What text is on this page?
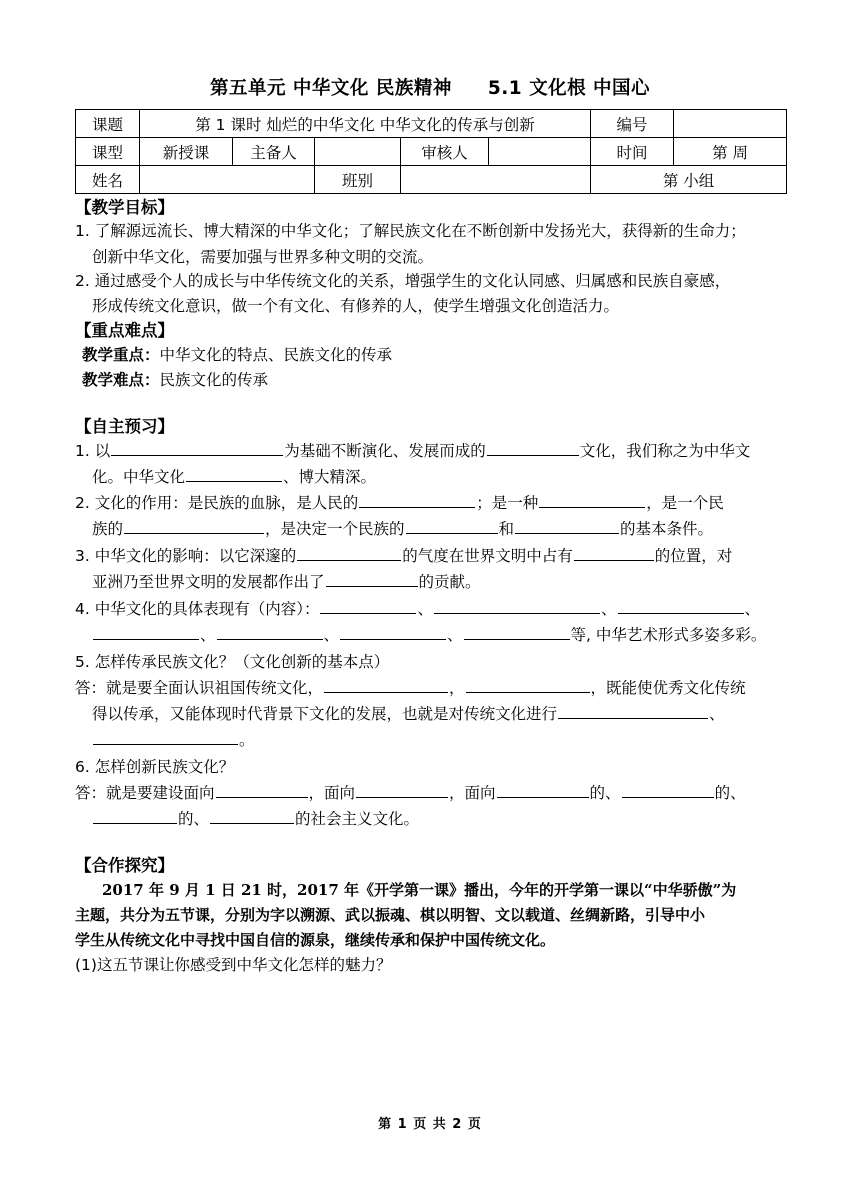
第五单元 中华文化 民族精神 5.1 文化根 中国心
课题	第 1 课时 灿烂的中华文化 中华文化的传承与创新					编号	
课型	新授课	主备人		审核人		时间	第 周
姓名			班别			第 小组	
【教学目标】
1. 了解源远流长、博大精深的中华文化；了解民族文化在不断创新中发扬光大，获得新的生命力；
创新中华文化，需要加强与世界多种文明的交流。
2. 通过感受个人的成长与中华传统文化的关系，增强学生的文化认同感、归属感和民族自豪感，
形成传统文化意识，做一个有文化、有修养的人，使学生增强文化创造活力。
【重点难点】
教学重点：中华文化的特点、民族文化的传承
教学难点：民族文化的传承
【自主预习】
1. 以	为基础不断演化、发展而成的	文化，我们称之为中华文
化。中华文化	、博大精深。
2. 文化的作用：是民族的血脉，是人民的	；是一种	，是一个民
族的	，是决定一个民族的	和	的基本条件。
3. 中华文化的影响：以它深邃的	的气度在世界文明中占有	的位置，对
亚洲乃至世界文明的发展都作出了	的贡献。
4. 中华文化的具体表现有（内容）：	、	、	、
、	、	、	等, 中华艺术形式多姿多彩。
5. 怎样传承民族文化？（文化创新的基本点）
答：就是要全面认识祖国传统文化，	，	，既能使优秀文化传统
得以传承，又能体现时代背景下文化的发展，也就是对传统文化进行	、
。
6. 怎样创新民族文化？
答：就是要建设面向	，面向	，面向	的、	的、
的、	的社会主义文化。
【合作探究】
2017 年 9 月 1 日 21 时，2017 年《开学第一课》播出，今年的开学第一课以“中华骄傲”为
主题，共分为五节课，分别为字以溯源、武以振魂、棋以明智、文以载道、丝绸新路，引导中小
学生从传统文化中寻找中国自信的源泉，继续传承和保护中国传统文化。
(1)这五节课让你感受到中华文化怎样的魅力？
第 1 页 共 2 页
